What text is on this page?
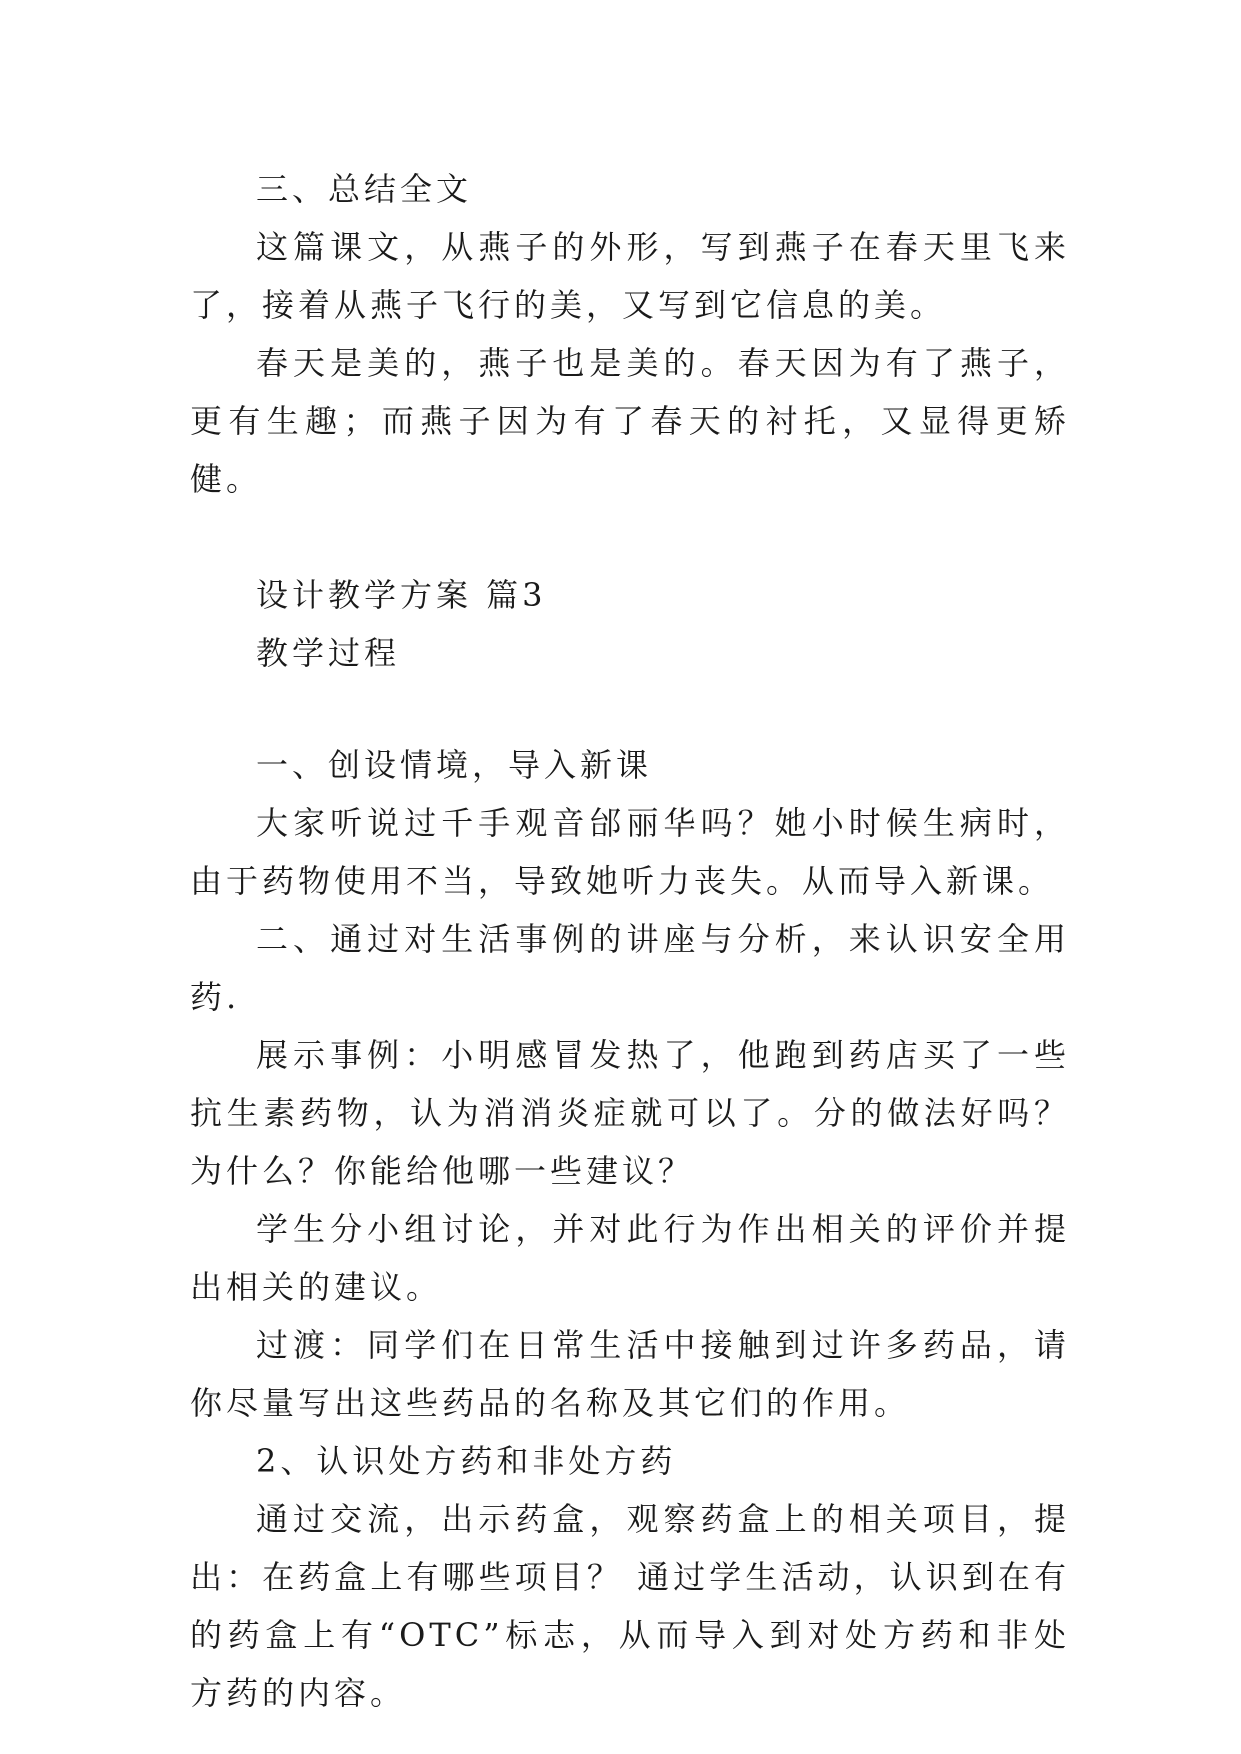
三、总结全文

这篇课文，从燕子的外形，写到燕子在春天里飞来了，接着从燕子飞行的美，又写到它信息的美。

春天是美的，燕子也是美的。春天因为有了燕子，更有生趣；而燕子因为有了春天的衬托，又显得更矫健。

设计教学方案 篇3

教学过程

一、创设情境，导入新课

大家听说过千手观音邰丽华吗？她小时候生病时，由于药物使用不当，导致她听力丧失。从而导入新课。

二、通过对生活事例的讲座与分析，来认识安全用药.

展示事例：小明感冒发热了，他跑到药店买了一些抗生素药物，认为消消炎症就可以了。分的做法好吗？为什么？你能给他哪一些建议？

学生分小组讨论，并对此行为作出相关的评价并提出相关的建议。

过渡：同学们在日常生活中接触到过许多药品，请你尽量写出这些药品的名称及其它们的作用。

2、认识处方药和非处方药

通过交流，出示药盒，观察药盒上的相关项目，提出：在药盒上有哪些项目？ 通过学生活动，认识到在有的药盒上有“OTC”标志，从而导入到对处方药和非处方药的内容。
